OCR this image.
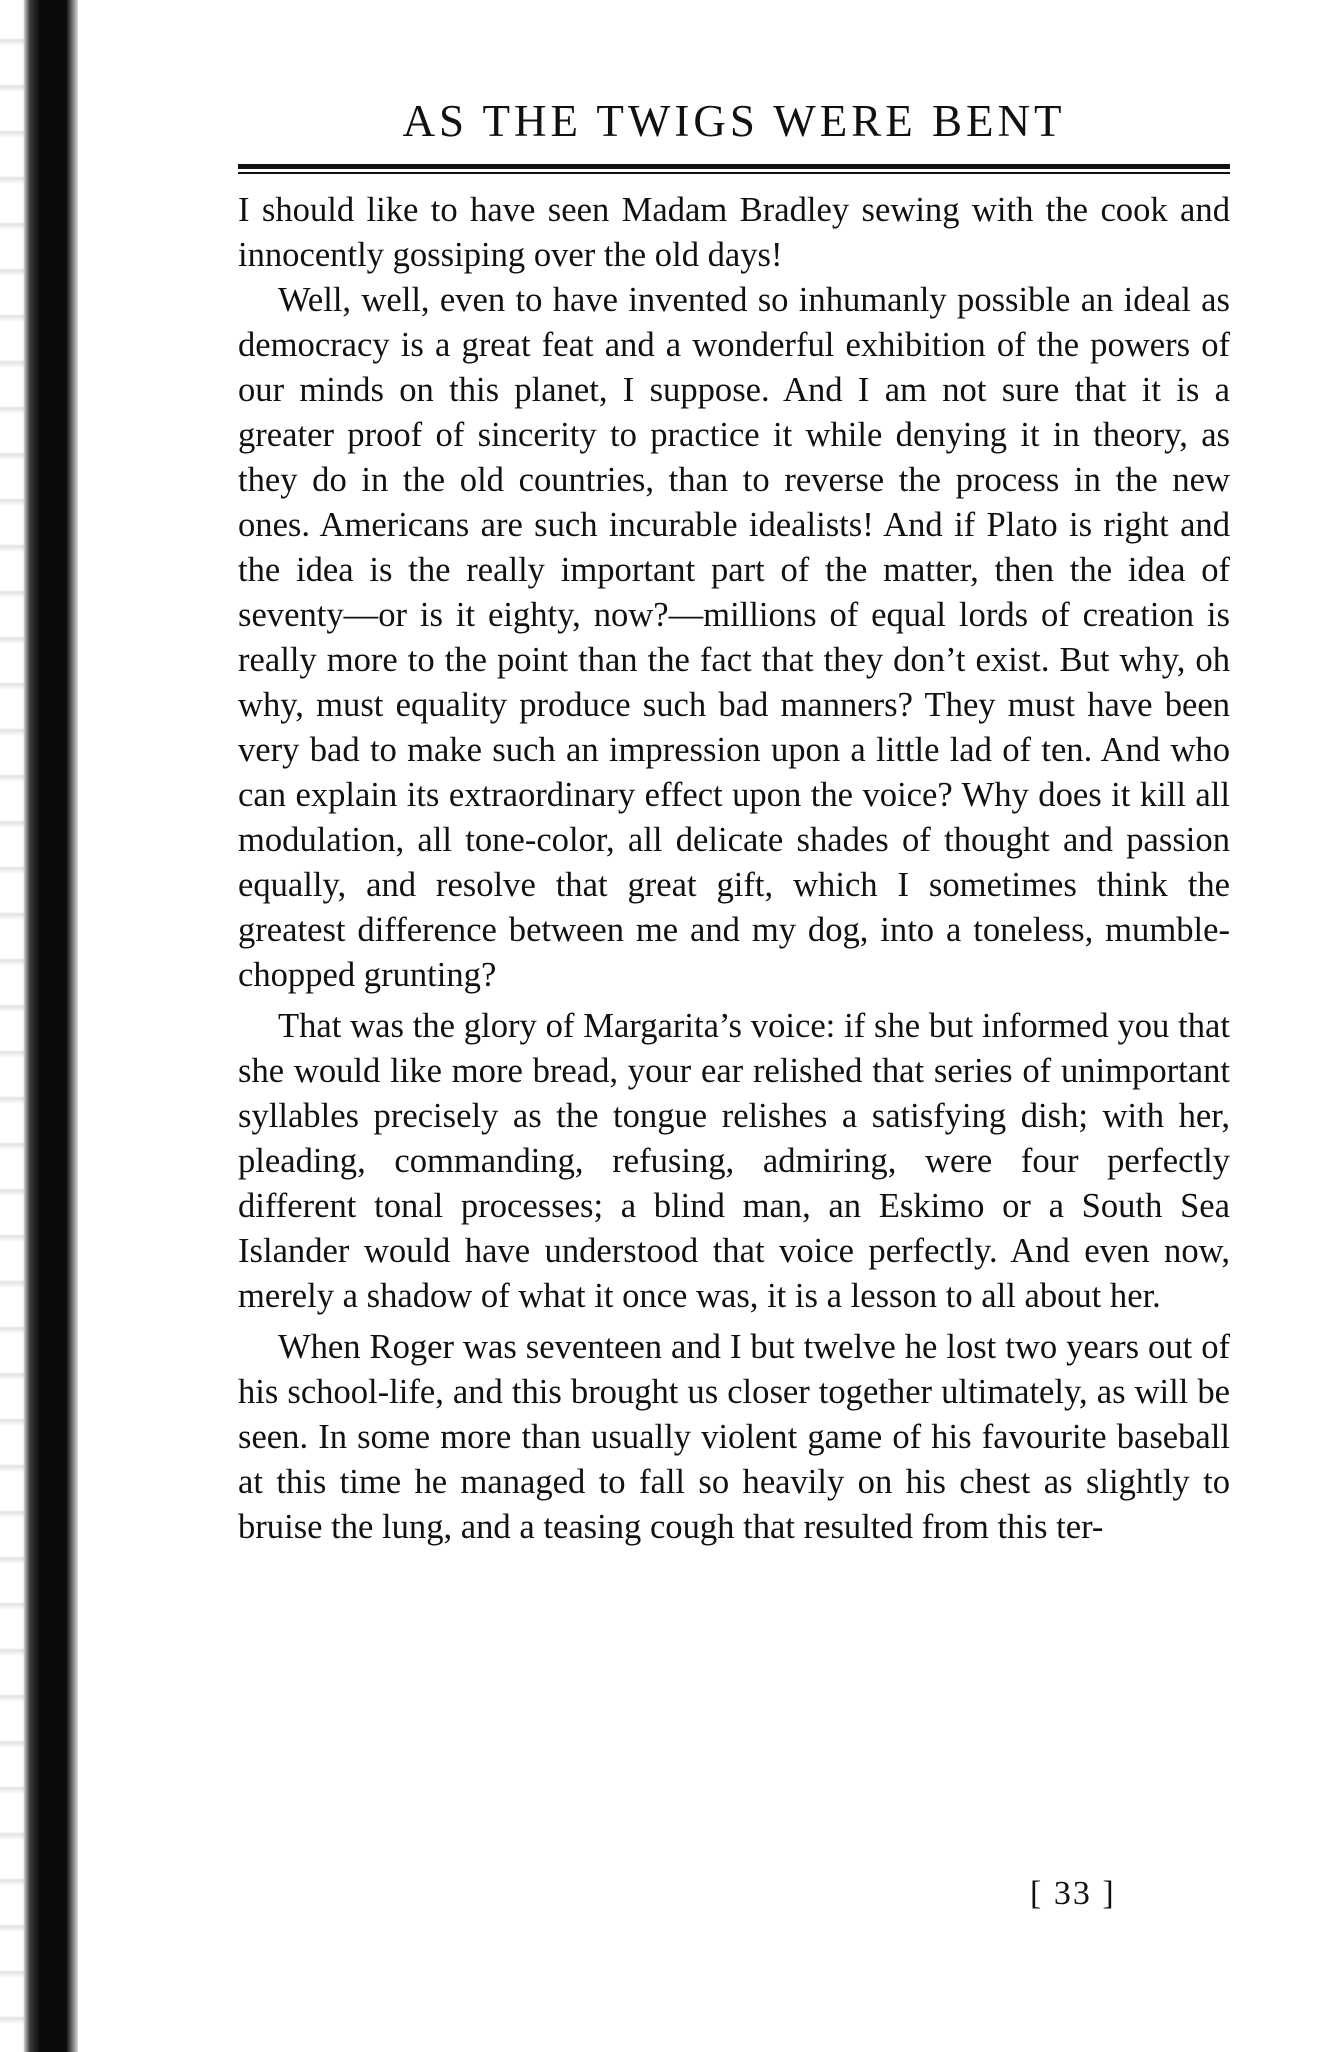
AS THE TWIGS WERE BENT

I should like to have seen Madam Bradley sewing with the cook and innocently gossiping over the old days!

Well, well, even to have invented so inhumanly possible an ideal as democracy is a great feat and a wonderful exhibition of the powers of our minds on this planet, I suppose. And I am not sure that it is a greater proof of sincerity to practice it while denying it in theory, as they do in the old countries, than to reverse the process in the new ones. Americans are such incurable idealists! And if Plato is right and the idea is the really important part of the matter, then the idea of seventy—or is it eighty, now?—millions of equal lords of creation is really more to the point than the fact that they don’t exist. But why, oh why, must equality produce such bad manners? They must have been very bad to make such an impression upon a little lad of ten. And who can explain its extraordinary effect upon the voice? Why does it kill all modulation, all tone-color, all delicate shades of thought and passion equally, and resolve that great gift, which I sometimes think the greatest difference between me and my dog, into a toneless, mumble-chopped grunting?

That was the glory of Margarita’s voice: if she but informed you that she would like more bread, your ear relished that series of unimportant syllables precisely as the tongue relishes a satisfying dish; with her, pleading, commanding, refusing, admiring, were four perfectly different tonal processes; a blind man, an Eskimo or a South Sea Islander would have understood that voice perfectly. And even now, merely a shadow of what it once was, it is a lesson to all about her.

When Roger was seventeen and I but twelve he lost two years out of his school-life, and this brought us closer together ultimately, as will be seen. In some more than usually violent game of his favourite baseball at this time he managed to fall so heavily on his chest as slightly to bruise the lung, and a teasing cough that resulted from this ter-

[ 33 ]
